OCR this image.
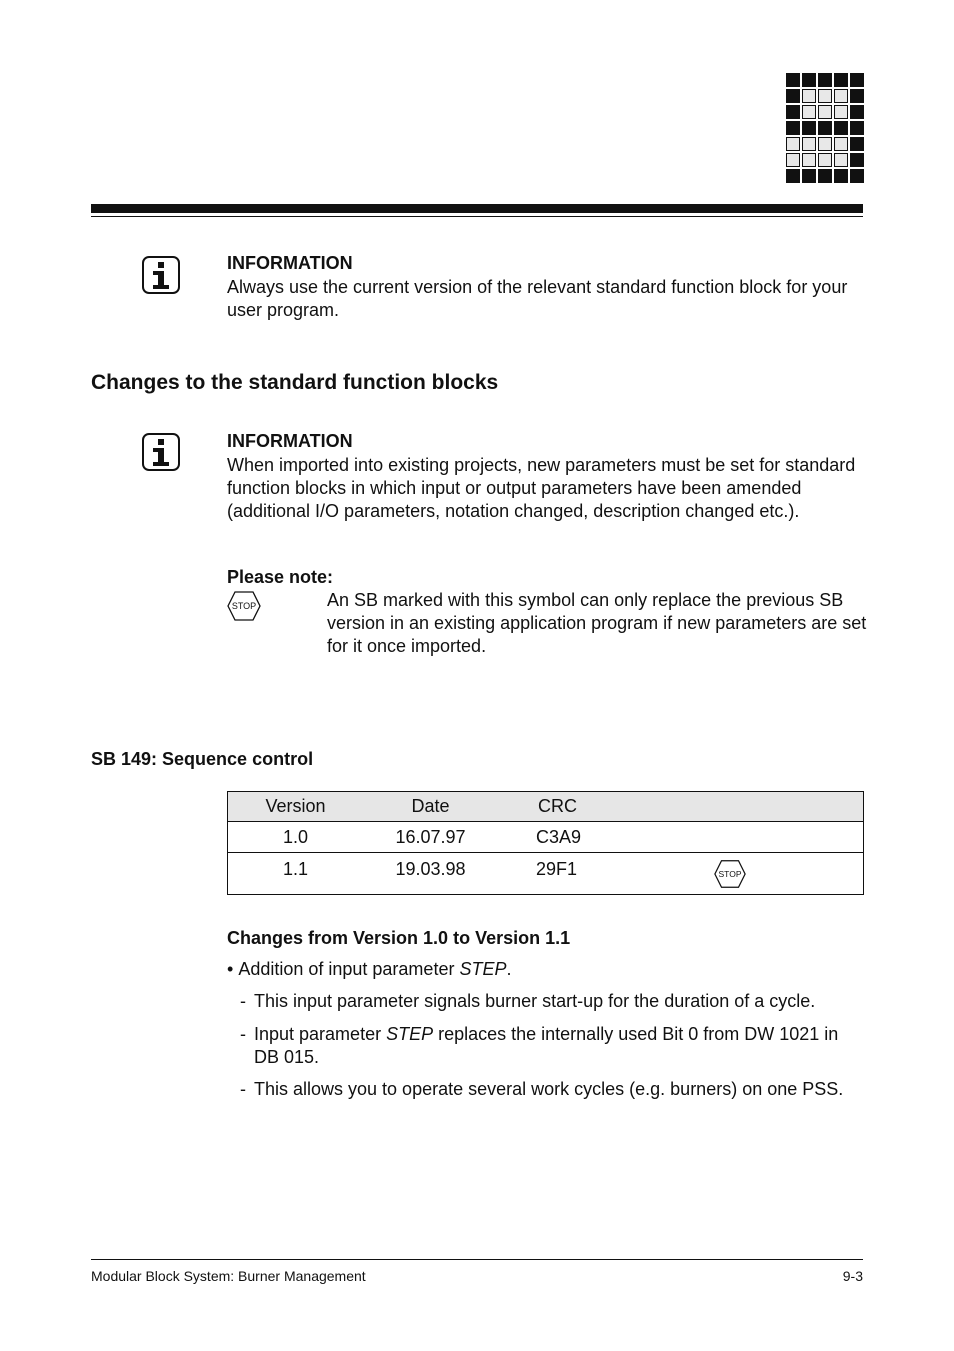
INFORMATION
Always use the current version of the relevant standard function block for your user program.
Changes to the standard function blocks
INFORMATION
When imported into existing projects, new parameters must be set for standard function blocks in which input or output parameters have been amended (additional I/O parameters, notation changed, description changed etc.).
Please note:
STOP	An SB marked with this symbol can only replace the previous SB version in an existing application program if new parameters are set for it once imported.
SB 149: Sequence control
Version	Date	CRC	
1.0	16.07.97	C3A9	
1.1	19.03.98	29F1	STOP
Changes from Version 1.0 to Version 1.1
• Addition of input parameter STEP.
- This input parameter signals burner start-up for the duration of a cycle.
- Input parameter STEP replaces the internally used Bit 0 from DW 1021 in DB 015.
- This allows you to operate several work cycles (e.g. burners) on one PSS.
Modular Block System: Burner Management	9-3
